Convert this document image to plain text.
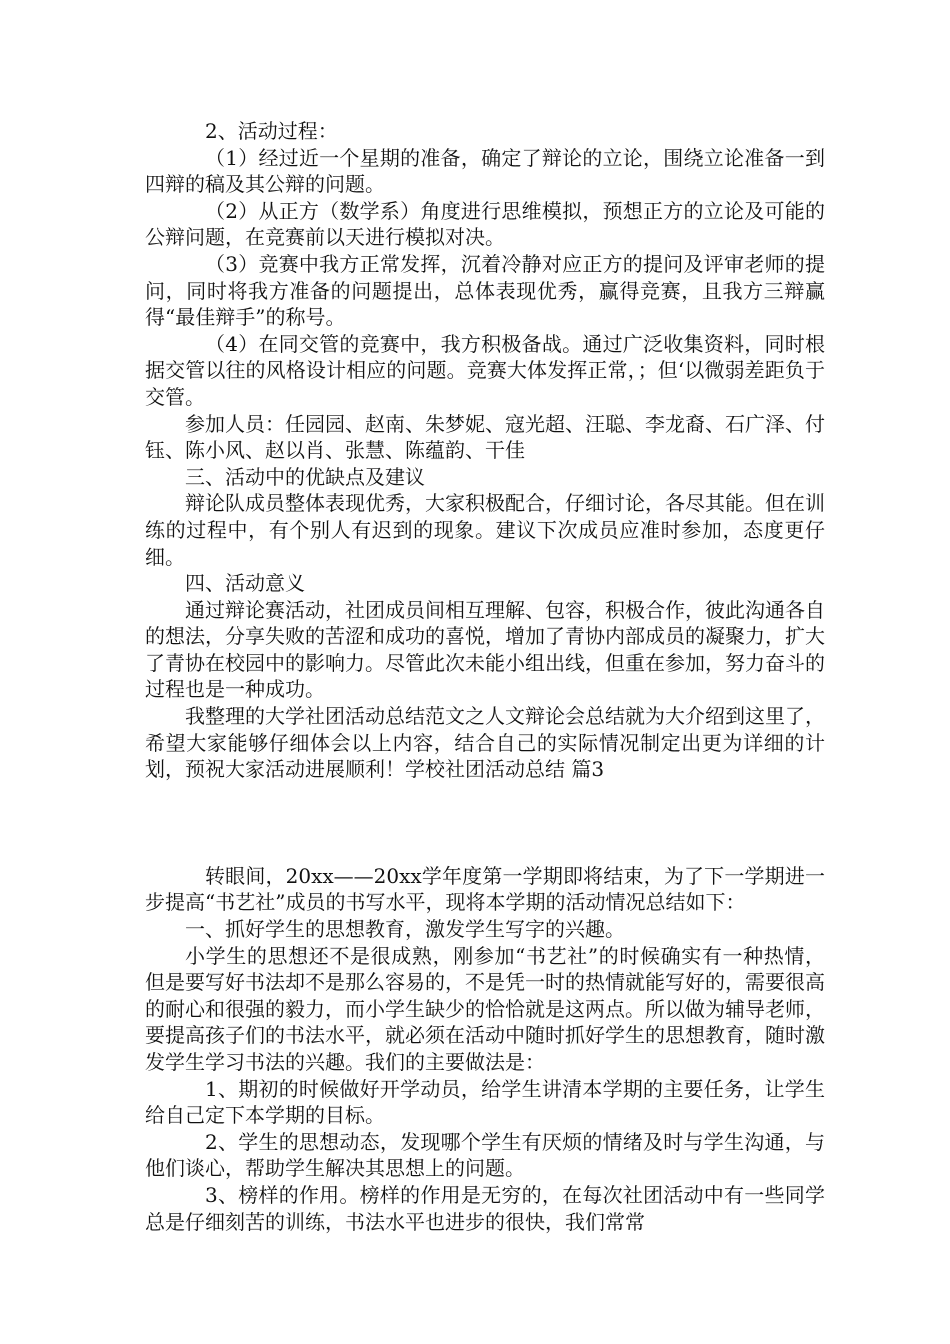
2、活动过程：

（1）经过近一个星期的准备，确定了辩论的立论，围绕立论准备一到四辩的稿及其公辩的问题。

（2）从正方（数学系）角度进行思维模拟，预想正方的立论及可能的公辩问题，在竞赛前以天进行模拟对决。

（3）竞赛中我方正常发挥，沉着冷静对应正方的提问及评审老师的提问，同时将我方准备的问题提出，总体表现优秀，赢得竞赛，且我方三辩赢得“最佳辩手”的称号。

（4）在同交管的竞赛中，我方积极备战。通过广泛收集资料，同时根据交管以往的风格设计相应的问题。竞赛大体发挥正常，；但‘以微弱差距负于交管。

参加人员：任园园、赵南、朱梦妮、寇光超、汪聪、李龙裔、石广泽、付钰、陈小风、赵以肖、张慧、陈蕴韵、干佳

三、活动中的优缺点及建议

辩论队成员整体表现优秀，大家积极配合，仔细讨论，各尽其能。但在训练的过程中，有个别人有迟到的现象。建议下次成员应准时参加，态度更仔细。

四、活动意义

通过辩论赛活动，社团成员间相互理解、包容，积极合作，彼此沟通各自的想法，分享失败的苦涩和成功的喜悦，增加了青协内部成员的凝聚力，扩大了青协在校园中的影响力。尽管此次未能小组出线，但重在参加，努力奋斗的过程也是一种成功。

我整理的大学社团活动总结范文之人文辩论会总结就为大介绍到这里了，希望大家能够仔细体会以上内容，结合自己的实际情况制定出更为详细的计划，预祝大家活动进展顺利！学校社团活动总结 篇3

转眼间，20xx——20xx学年度第一学期即将结束，为了下一学期进一步提高“书艺社”成员的书写水平，现将本学期的活动情况总结如下：

一、抓好学生的思想教育，激发学生写字的兴趣。

小学生的思想还不是很成熟，刚参加“书艺社”的时候确实有一种热情，但是要写好书法却不是那么容易的，不是凭一时的热情就能写好的，需要很高的耐心和很强的毅力，而小学生缺少的恰恰就是这两点。所以做为辅导老师，要提高孩子们的书法水平，就必须在活动中随时抓好学生的思想教育，随时激发学生学习书法的兴趣。我们的主要做法是：

1、期初的时候做好开学动员，给学生讲清本学期的主要任务，让学生给自己定下本学期的目标。

2、学生的思想动态，发现哪个学生有厌烦的情绪及时与学生沟通，与他们谈心，帮助学生解决其思想上的问题。

3、榜样的作用。榜样的作用是无穷的，在每次社团活动中有一些同学总是仔细刻苦的训练，书法水平也进步的很快，我们常常
